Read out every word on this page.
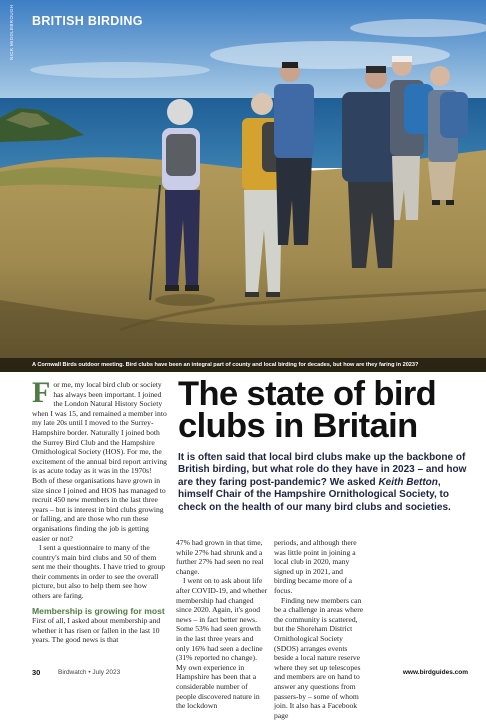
BRITISH BIRDING
NICK MIDDLEBROUGH
A Cornwall Birds outdoor meeting. Bird clubs have been an integral part of county and local birding for decades, but how are they faring in 2023?

F or me, my local bird club or society has always been important. I joined the London Natural History Society when I was 15, and remained a member into my late 20s until I moved to the Surrey-Hampshire border. Naturally I joined both the Surrey Bird Club and the Hampshire Ornithological Society (HOS). For me, the excitement of the annual bird report arriving is as acute today as it was in the 1970s! Both of these organisations have grown in size since I joined and HOS has managed to recruit 450 new members in the last three years – but is interest in bird clubs growing or falling, and are those who run these organisations finding the job is getting easier or not?

I sent a questionnaire to many of the country's main bird clubs and 50 of them sent me their thoughts. I have tried to group their comments in order to see the overall picture, but also to help them see how others are faring.

Membership is growing for most

First of all, I asked about membership and whether it has risen or fallen in the last 10 years. The good news is that

The state of bird
clubs in Britain
It is often said that local bird clubs make up the backbone of British birding, but what role do they have in 2023 – and how are they faring post-pandemic? We asked Keith Betton, himself Chair of the Hampshire Ornithological Society, to check on the health of our many bird clubs and societies.

47% had grown in that time, while 27% had shrunk and a further 27% had seen no real change.

I went on to ask about life after COVID-19, and whether membership had changed since 2020. Again, it's good news – in fact better news. Some 53% had seen growth in the last three years and only 16% had seen a decline (31% reported no change). My own experience in Hampshire has been that a considerable number of people discovered nature in the lockdown

periods, and although there was little point in joining a local club in 2020, many signed up in 2021, and birding became more of a focus.

Finding new members can be a challenge in areas where the community is scattered, but the Shoreham District Ornithological Society (SDOS) arranges events beside a local nature reserve where they set up telescopes and members are on hand to answer any questions from passers-by – some of whom join. It also has a Facebook page

30	Birdwatch • July 2023	www.birdguides.com
